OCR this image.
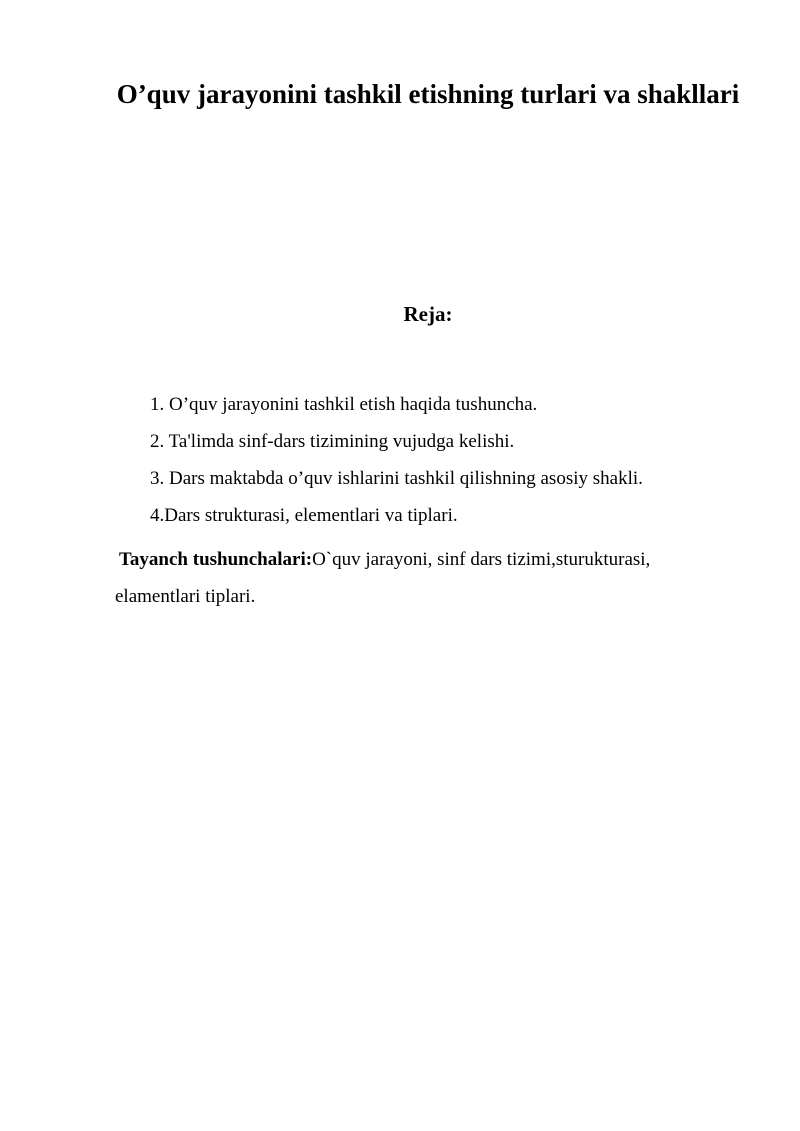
O’quv jarayonini tashkil etishning turlari va shakllari
Reja:
1. O’quv jarayonini tashkil etish haqida tushuncha.
2. Ta'limda sinf-dars tizimining vujudga kelishi.
3. Dars maktabda o’quv ishlarini tashkil qilishning asosiy shakli.
4.Dars strukturasi, elementlari va tiplari.

Tayanch tushunchalari:O`quv jarayoni, sinf dars tizimi,sturukturasi, elamentlari tiplari.
